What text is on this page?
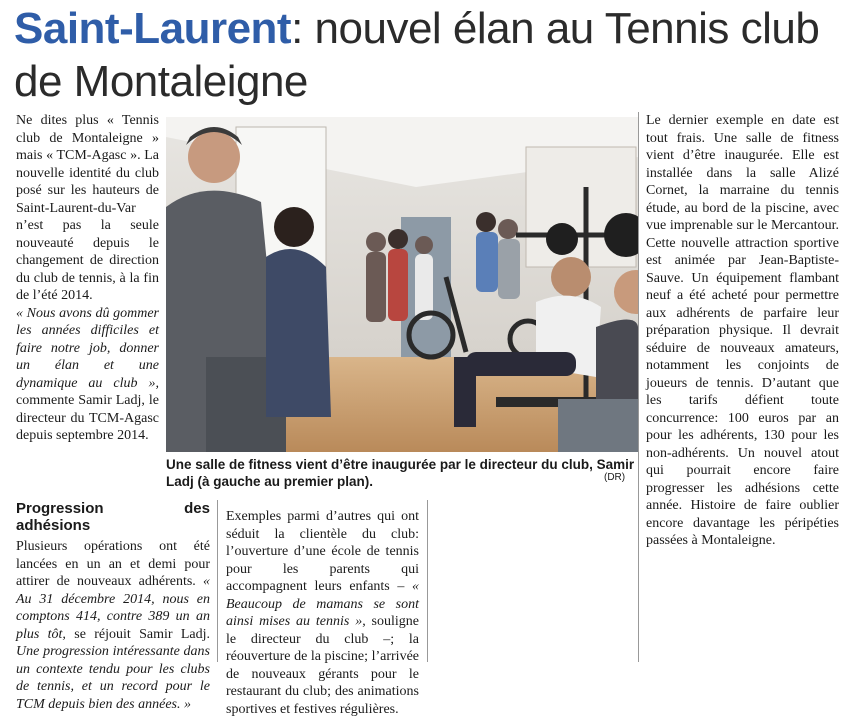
Saint-Laurent: nouvel élan au Tennis club de Montaleigne

Ne dites plus « Tennis club de Montaleigne » mais « TCM-Agasc ». La nouvelle identité du club posé sur les hauteurs de Saint-Laurent-du-Var n’est pas la seule nouveauté depuis le changement de direction du club de tennis, à la fin de l’été 2014.

« Nous avons dû gommer les années difficiles et faire notre job, donner un élan et une dynamique au club », commente Samir Ladj, le directeur du TCM-Agasc depuis septembre 2014.

Une salle de fitness vient d’être inaugurée par le directeur du club, Samir Ladj (à gauche au premier plan).	(DR)
Progression des adhésions

Plusieurs opérations ont été lancées en un an et demi pour attirer de nouveaux adhérents. « Au 31 décembre 2014, nous en comptons 414, contre 389 un an plus tôt, se réjouit Samir Ladj. Une progression intéressante dans un contexte tendu pour les clubs de tennis, et un record pour le TCM depuis bien des années. »

Exemples parmi d’autres qui ont séduit la clientèle du club: l’ouverture d’une école de tennis pour les parents qui accompagnent leurs enfants – « Beaucoup de mamans se sont ainsi mises au tennis », souligne le directeur du club –; la réouverture de la piscine; l’arrivée de nouveaux gérants pour le restaurant du club; des animations sportives et festives régulières.

Le dernier exemple en date est tout frais. Une salle de fitness vient d’être inaugurée. Elle est installée dans la salle Alizé Cornet, la marraine du tennis étude, au bord de la piscine, avec vue imprenable sur le Mercantour. Cette nouvelle attraction sportive est animée par Jean-Baptiste-Sauve. Un équipement flambant neuf a été acheté pour permettre aux adhérents de parfaire leur préparation physique. Il devrait séduire de nouveaux amateurs, notamment les conjoints de joueurs de tennis. D’autant que les tarifs défient toute concurrence: 100 euros par an pour les adhérents, 130 pour les non-adhérents. Un nouvel atout qui pourrait encore faire progresser les adhésions cette année. Histoire de faire oublier encore davantage les péripéties passées à Montaleigne.
